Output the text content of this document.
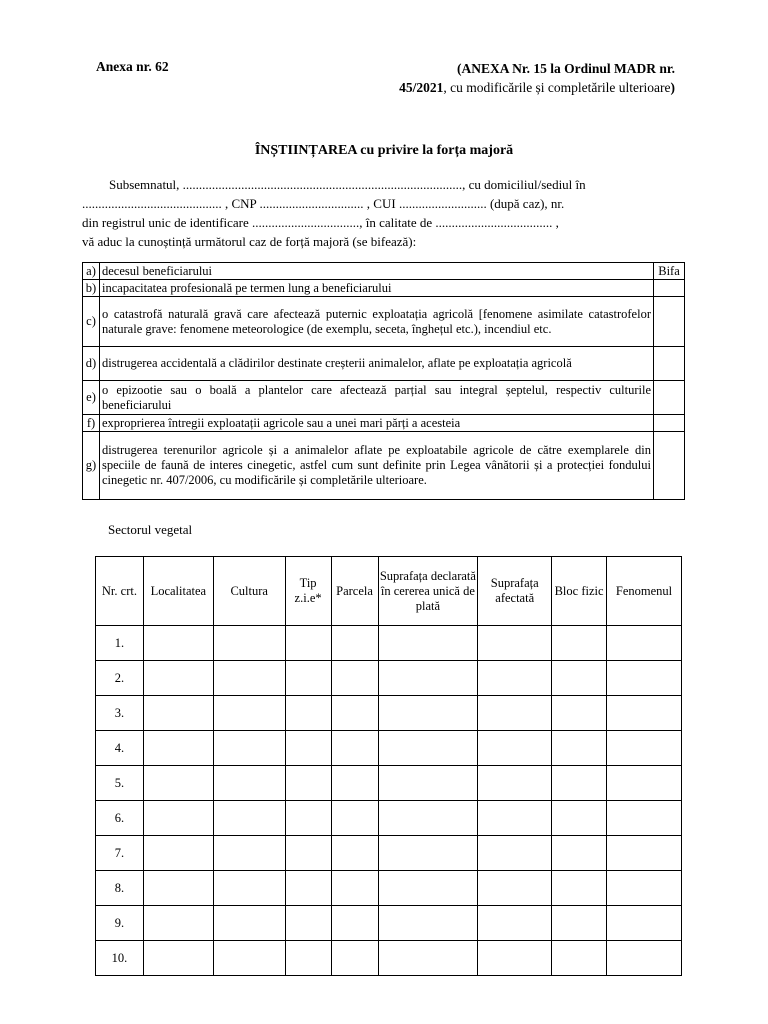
Anexa nr. 62	(ANEXA Nr. 15 la Ordinul MADR nr.
45/2021, cu modificările și completările ulterioare)
ÎNȘTIINȚAREA cu privire la forța majoră
Subsemnatul, ......................................................................................, cu domiciliul/sediul în
........................................... , CNP ................................ , CUI ........................... (după caz), nr.
din registrul unic de identificare ................................., în calitate de .................................... ,
vă aduc la cunoștință următorul caz de forță majoră (se bifează):
a)	decesul beneficiarului	Bifa
b)	incapacitatea profesională pe termen lung a beneficiarului	
c)	o catastrofă naturală gravă care afectează puternic exploatația agricolă [fenomene asimilate catastrofelor naturale grave: fenomene meteorologice (de exemplu, seceta, înghețul etc.), incendiul etc.	
d)	distrugerea accidentală a clădirilor destinate creșterii animalelor, aflate pe exploatația agricolă	
e)	o epizootie sau o boală a plantelor care afectează parțial sau integral șeptelul, respectiv culturile beneficiarului	
f)	exproprierea întregii exploatații agricole sau a unei mari părți a acesteia	
g)	distrugerea terenurilor agricole și a animalelor aflate pe exploatabile agricole de către exemplarele din speciile de faună de interes cinegetic, astfel cum sunt definite prin Legea vânătorii și a protecției fondului cinegetic nr. 407/2006, cu modificările și completările ulterioare.	
Sectorul vegetal
Nr. crt.	Localitatea	Cultura	Tip z.i.e*	Parcela	Suprafața declarată în cererea unică de plată	Suprafața afectată	Bloc fizic	Fenomenul
1.								
2.								
3.								
4.								
5.								
6.								
7.								
8.								
9.								
10.								
